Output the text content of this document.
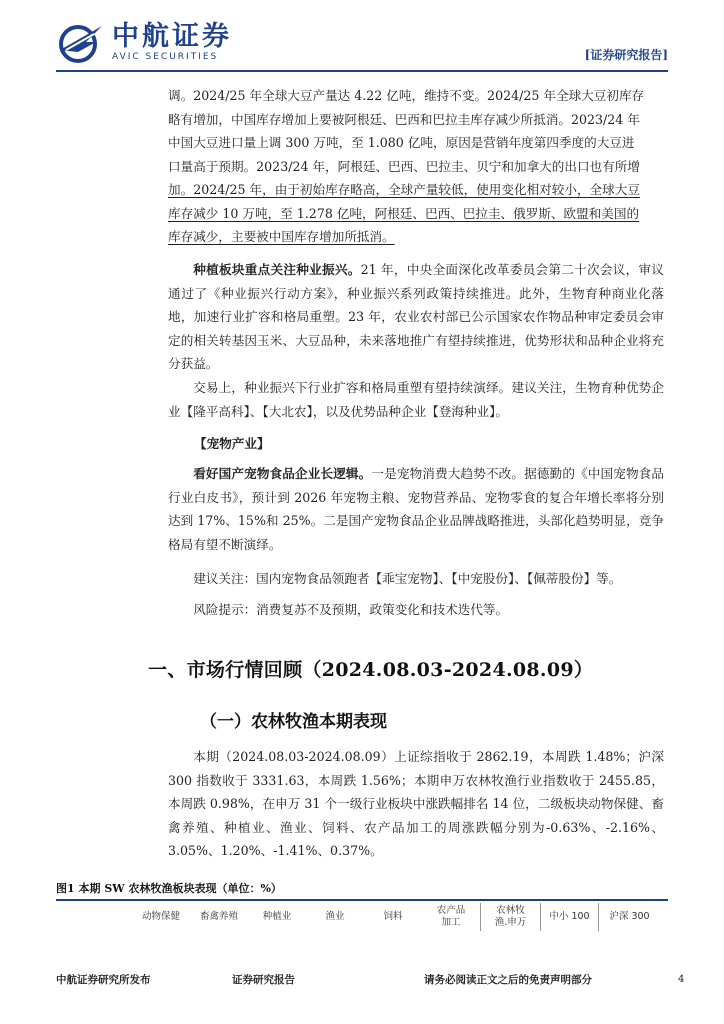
中航证券
AVIC SECURITIES	[证券研究报告]
调。2024/25 年全球大豆产量达 4.22 亿吨，维持不变。2024/25 年全球大豆初库存
略有增加，中国库存增加上要被阿根廷、巴西和巴拉圭库存减少所抵消。2023/24 年
中国大豆进口量上调 300 万吨，至 1.080 亿吨，原因是营销年度第四季度的大豆进
口量高于预期。2023/24 年，阿根廷、巴西、巴拉圭、贝宁和加拿大的出口也有所增
加。2024/25 年，由于初始库存略高，全球产量较低，使用变化相对较小，全球大豆
库存减少 10 万吨，至 1.278 亿吨，阿根廷、巴西、巴拉圭、俄罗斯、欧盟和美国的
库存减少，主要被中国库存增加所抵消。
种植板块重点关注种业振兴。21 年，中央全面深化改革委员会第二十次会议，审议通过了《种业振兴行动方案》，种业振兴系列政策持续推进。此外，生物育种商业化落地，加速行业扩容和格局重塑。23 年，农业农村部已公示国家农作物品种审定委员会审定的相关转基因玉米、大豆品种，未来落地推广有望持续推进，优势形状和品种企业将充分获益。
交易上，种业振兴下行业扩容和格局重塑有望持续演绎。建议关注，生物育种优势企业【隆平高科】、【大北农】，以及优势品种企业【登海种业】。
【宠物产业】
看好国产宠物食品企业长逻辑。一是宠物消费大趋势不改。据德勤的《中国宠物食品行业白皮书》，预计到 2026 年宠物主粮、宠物营养品、宠物零食的复合年增长率将分别达到 17%、15%和 25%。二是国产宠物食品企业品牌战略推进，头部化趋势明显，竞争格局有望不断演绎。
建议关注：国内宠物食品领跑者【乖宝宠物】、【中宠股份】、【佩蒂股份】等。
风险提示：消费复苏不及预期，政策变化和技术迭代等。
一、市场行情回顾（2024.08.03-2024.08.09）
（一）农林牧渔本期表现
本期（2024.08.03-2024.08.09）上证综指收于 2862.19，本周跌 1.48%；沪深 300 指数收于 3331.63，本周跌 1.56%；本期申万农林牧渔行业指数收于 2455.85，本周跌 0.98%，在申万 31 个一级行业板块中涨跌幅排名 14 位，二级板块动物保健、畜禽养殖、种植业、渔业、饲料、农产品加工的周涨跌幅分别为-0.63%、-2.16%、3.05%、1.20%、-1.41%、0.37%。
图1 本期 SW 农林牧渔板块表现（单位：%）
动物保健 畜禽养殖	种植业	渔业	饲料
农产品
加工
农林牧
渔.申万
中小 100 沪深 300
中航证券研究所发布	证券研究报告	请务必阅读正文之后的免责声明部分	4
